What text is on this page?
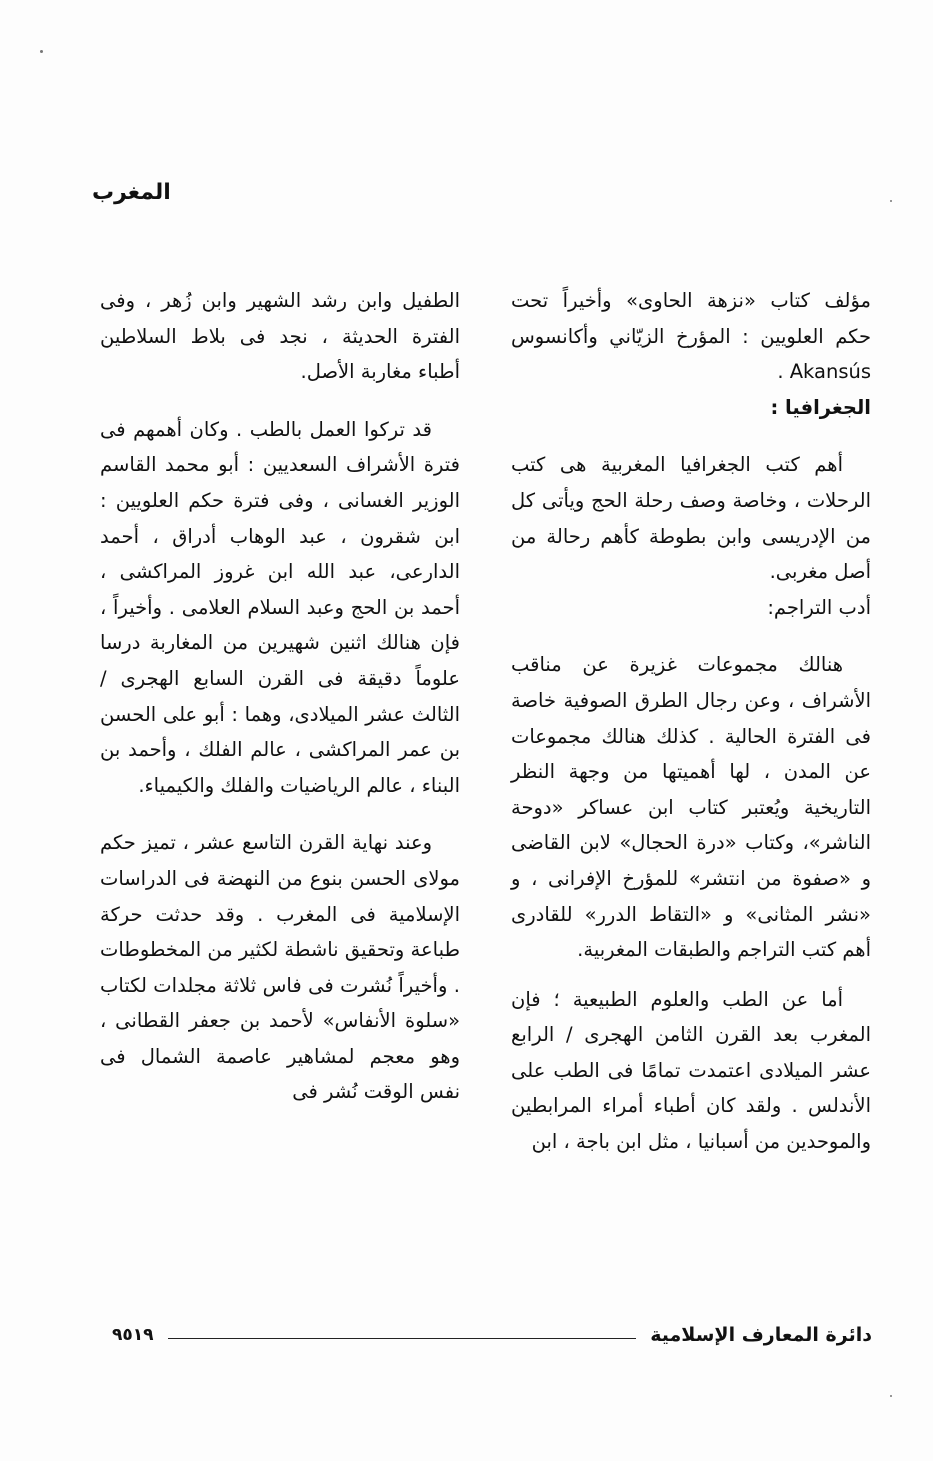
المغرب

مؤلف كتاب «نزهة الحاوى» وأخيراً تحت حكم العلويين : المؤرخ الزيّاني وأكانسوس Akansús .

الجغرافيا :

أهم كتب الجغرافيا المغربية هى كتب الرحلات ، وخاصة وصف رحلة الحج ويأتى كل من الإدريسى وابن بطوطة كأهم رحالة من أصل مغربى.

أدب التراجم:

هنالك مجموعات غزيرة عن مناقب الأشراف ، وعن رجال الطرق الصوفية خاصة فى الفترة الحالية . كذلك هنالك مجموعات عن المدن ، لها أهميتها من وجهة النظر التاريخية ويُعتبر كتاب ابن عساكر «دوحة الناشر»، وكتاب «درة الحجال» لابن القاضى و «صفوة من انتشر» للمؤرخ الإفرانى ، و «نشر المثانى» و «التقاط الدرر» للقادرى أهم كتب التراجم والطبقات المغربية.

أما عن الطب والعلوم الطبيعية ؛ فإن المغرب بعد القرن الثامن الهجرى / الرابع عشر الميلادى اعتمدت تمامًا فى الطب على الأندلس . ولقد كان أطباء أمراء المرابطين والموحدين من أسبانيا ، مثل ابن باجة ، ابن

الطفيل وابن رشد الشهير وابن زُهر ، وفى الفترة الحديثة ، نجد فى بلاط السلاطين أطباء مغاربة الأصل.

قد تركوا العمل بالطب . وكان أهمهم فى فترة الأشراف السعديين : أبو محمد القاسم الوزير الغسانى ، وفى فترة حكم العلويين : ابن شقرون ، عبد الوهاب أدراق ، أحمد الدارعى، عبد الله ابن غروز المراكشى ، أحمد بن الحج وعبد السلام العلامى . وأخيراً ، فإن هنالك اثنين شهيرين من المغاربة درسا علوماً دقيقة فى القرن السابع الهجرى / الثالث عشر الميلادى، وهما : أبو على الحسن بن عمر المراكشى ، عالم الفلك ، وأحمد بن البناء ، عالم الرياضيات والفلك والكيمياء.

وعند نهاية القرن التاسع عشر ، تميز حكم مولاى الحسن بنوع من النهضة فى الدراسات الإسلامية فى المغرب . وقد حدثت حركة طباعة وتحقيق ناشطة لكثير من المخطوطات . وأخيراً نُشرت فى فاس ثلاثة مجلدات لكتاب «سلوة الأنفاس» لأحمد بن جعفر القطانى ، وهو معجم لمشاهير عاصمة الشمال فى نفس الوقت نُشر فى

دائرة المعارف الإسلامية
٩٥١٩
